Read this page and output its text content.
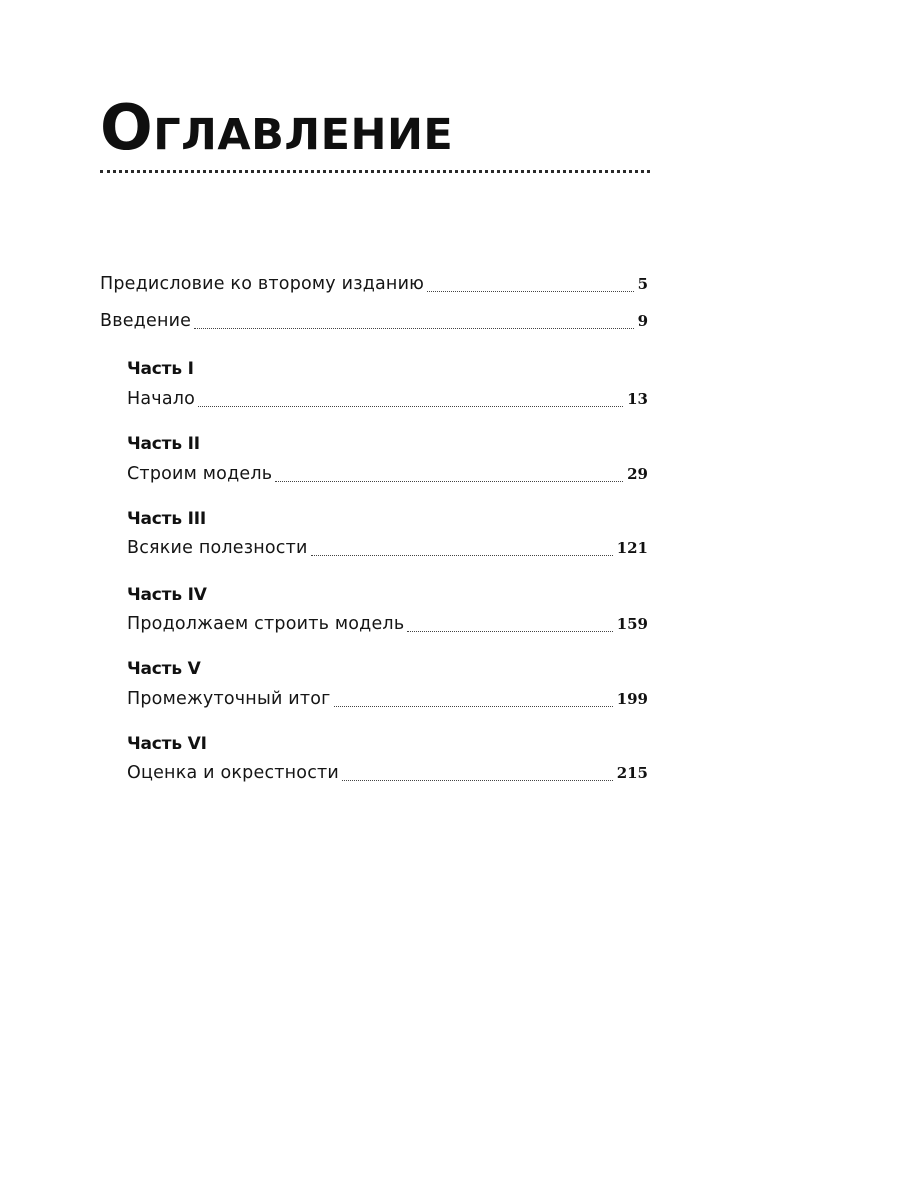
Оглавление
Предисловие ко второму изданию	5
Введение	9
Часть I
Начало	13
Часть II
Строим модель	29
Часть III
Всякие полезности	121
Часть IV
Продолжаем строить модель	159
Часть V
Промежуточный итог	199
Часть VI
Оценка и окрестности	215
